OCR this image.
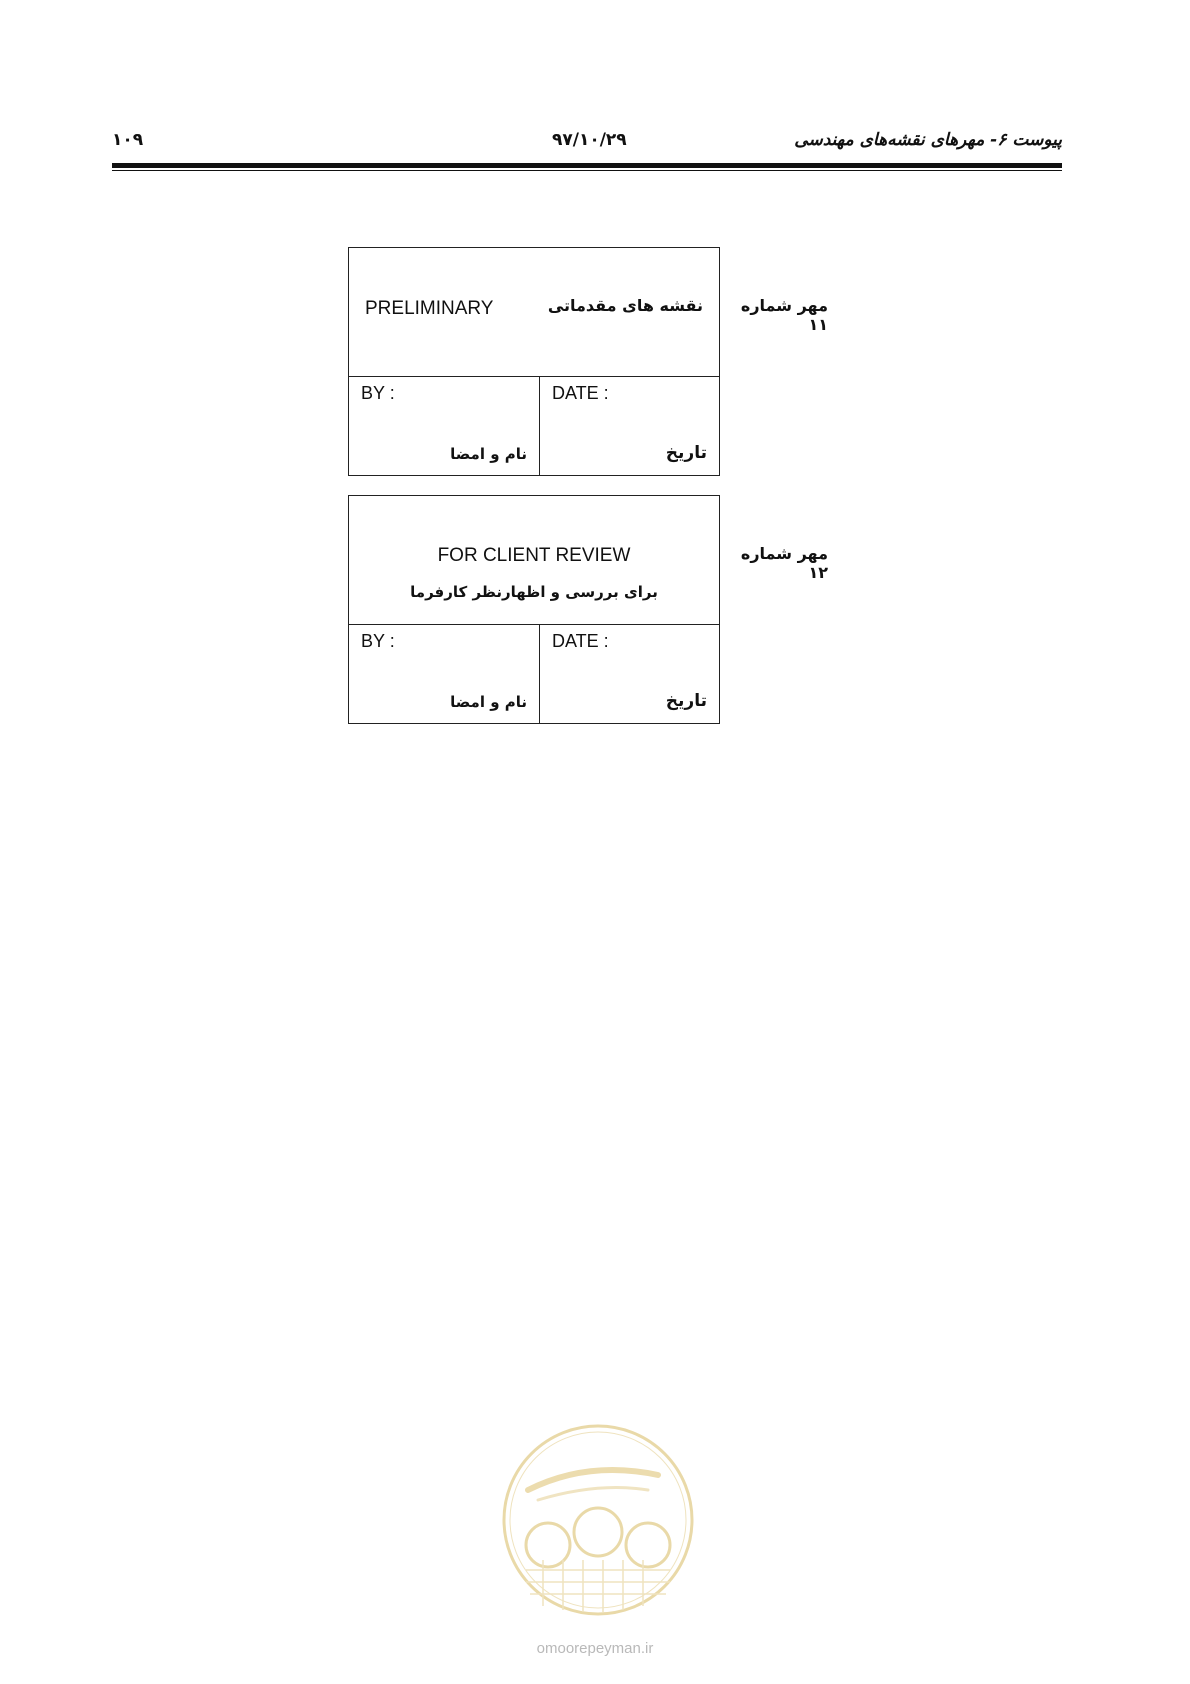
۱۰۹	۹۷/۱۰/۲۹	پیوست ۶- مهرهای نقشه‌های مهندسی
PRELIMINARY	نقشه های مقدماتی
BY :
نام و امضا
DATE :
تاریخ
مهر شماره ۱۱
FOR CLIENT REVIEW
برای بررسی و اظهارنظر کارفرما
BY :
نام و امضا
DATE :
تاریخ
مهر شماره ۱۲
omoorepeyman.ir
